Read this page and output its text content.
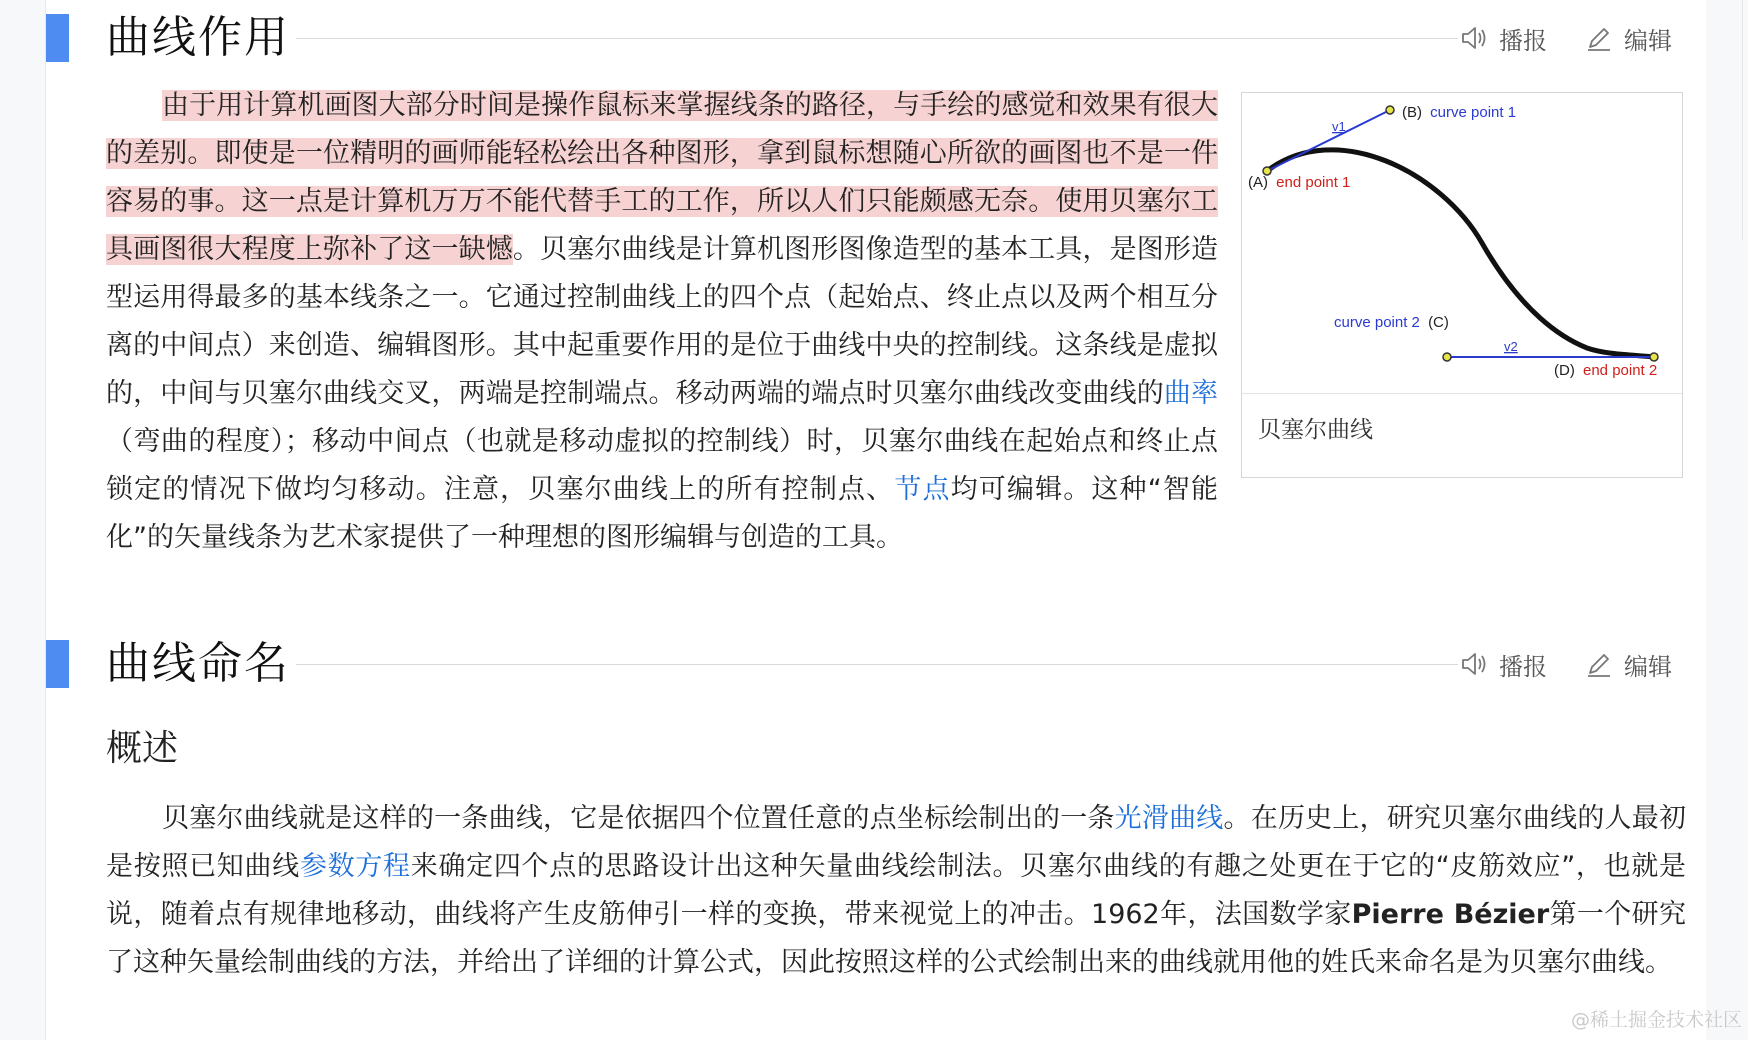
曲线作用	播报	编辑

由于用计算机画图大部分时间是操作鼠标来掌握线条的路径，与手绘的感觉和效果有很大的差别。即使是一位精明的画师能轻松绘出各种图形，拿到鼠标想随心所欲的画图也不是一件容易的事。这一点是计算机万万不能代替手工的工作，所以人们只能颇感无奈。使用贝塞尔工具画图很大程度上弥补了这一缺憾。贝塞尔曲线是计算机图形图像造型的基本工具，是图形造型运用得最多的基本线条之一。它通过控制曲线上的四个点（起始点、终止点以及两个相互分离的中间点）来创造、编辑图形。其中起重要作用的是位于曲线中央的控制线。这条线是虚拟的，中间与贝塞尔曲线交叉，两端是控制端点。移动两端的端点时贝塞尔曲线改变曲线的曲率（弯曲的程度）；移动中间点（也就是移动虚拟的控制线）时，贝塞尔曲线在起始点和终止点锁定的情况下做均匀移动。注意，贝塞尔曲线上的所有控制点、节点均可编辑。这种“智能化”的矢量线条为艺术家提供了一种理想的图形编辑与创造的工具。

(B) curve point 1
v1
(A) end point 1
curve point 2 (C)
v2
(D) end point 2
贝塞尔曲线
曲线命名	播报	编辑
概述

贝塞尔曲线就是这样的一条曲线，它是依据四个位置任意的点坐标绘制出的一条光滑曲线。在历史上，研究贝塞尔曲线的人最初是按照已知曲线参数方程来确定四个点的思路设计出这种矢量曲线绘制法。贝塞尔曲线的有趣之处更在于它的“皮筋效应”，也就是说，随着点有规律地移动，曲线将产生皮筋伸引一样的变换，带来视觉上的冲击。1962年，法国数学家Pierre Bézier第一个研究了这种矢量绘制曲线的方法，并给出了详细的计算公式，因此按照这样的公式绘制出来的曲线就用他的姓氏来命名是为贝塞尔曲线。

@稀土掘金技术社区
